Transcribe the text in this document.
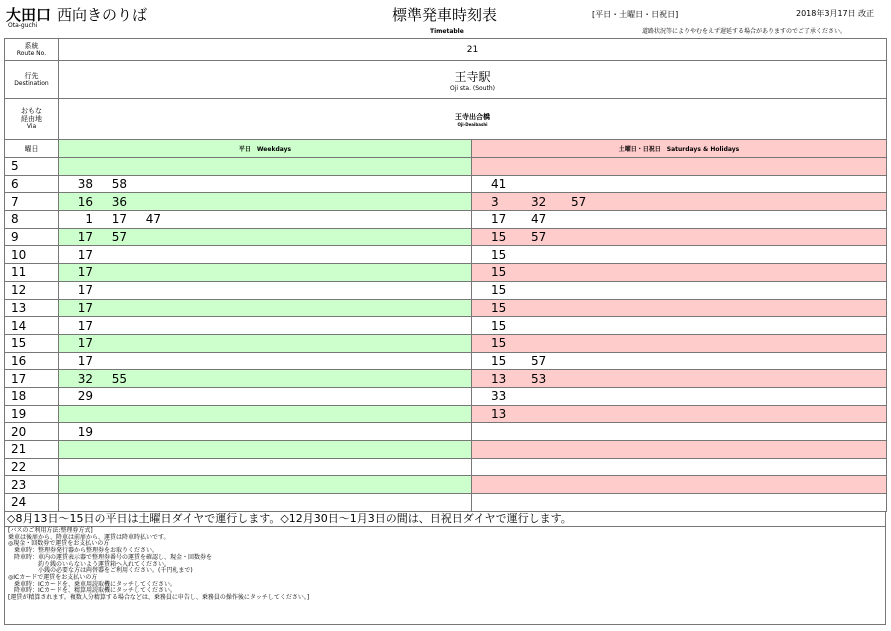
大田口 西向きのりば
Ota-guchi
標準発車時刻表
Timetable
[平日・土曜日・日祝日]	2018年3月17日 改正
道路状況等によりやむをえず遅延する場合がありますのでご了承ください。
系統
Route No.	21	

行先
Destination	王寺駅
Oji sta. (South)	

おもな
経由地
Via	王寺出合橋
Oji-Deaibashi	

曜日	平日　Weekdays	土曜日・日祝日　Saturdays & Holidays
5		
6	38 58	41
7	16 36	3 32 57
8	1 17 47	17 47
9	17 57	15 57
10	17	15
11	17	15
12	17	15
13	17	15
14	17	15
15	17	15
16	17	15 57
17	32 55	13 53
18	29	33
19		13
20	19	
21		
22		
23		
24		
◇8月13日～15日の平日は土曜日ダイヤで運行します。◇12月30日～1月3日の間は、日祝日ダイヤで運行します。
[バスのご利用方法:整理券方式]
乗車は後扉から、降車は前扉から、運賃は降車時払いです。
◎現金・回数券で運賃をお支払いの方
　乗車時：整理券発行器から整理券をお取りください。
　降車時：車内の運賃表示器で整理券番号の運賃を確認し、現金・回数券を
　　　　　釣り銭のいらないよう運賃箱へ入れてください。
　　　　　小銭の必要な方は両替器をご利用ください。(千円札まで)
◎ICカードで運賃をお支払いの方
　乗車時：ICカードを、乗車用読取機にタッチしてください。
　降車時：ICカードを、精算用読取機にタッチしてください。
[運賃が精算されます。複数人分精算する場合などは、乗務員に申告し、乗務員の操作後にタッチしてください。]
